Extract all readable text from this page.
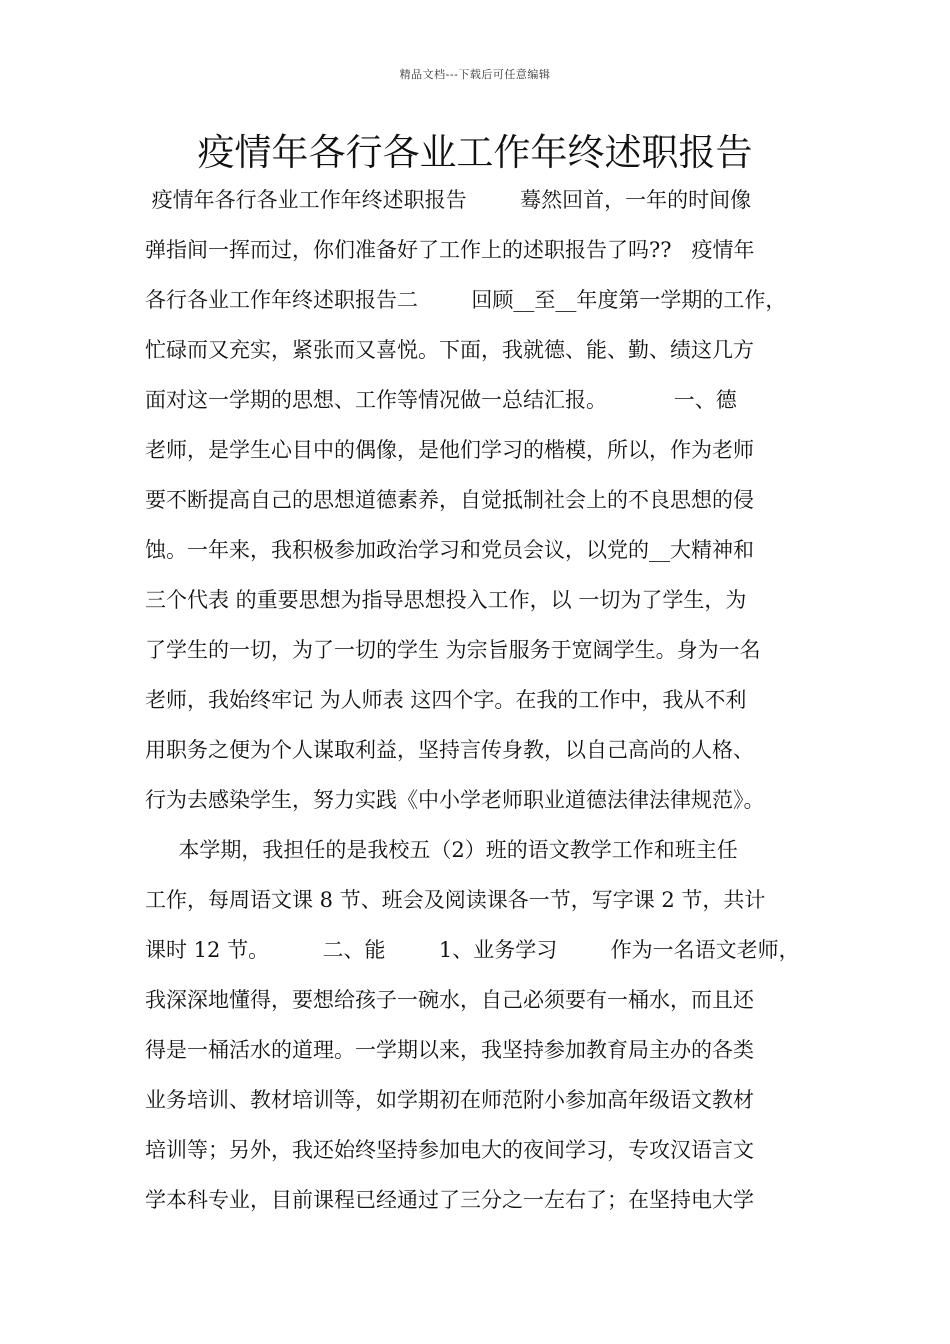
精品文档---下载后可任意编辑
疫情年各行各业工作年终述职报告
疫情年各行各业工作年终述职报告        蓦然回首，一年的时间像
弹指间一挥而过，你们准备好了工作上的述职报告了吗??   疫情年
各行各业工作年终述职报告二        回顾__至__年度第一学期的工作，
忙碌而又充实，紧张而又喜悦。下面，我就德、能、勤、绩这几方
面对这一学期的思想、工作等情况做一总结汇报。          一、德
老师，是学生心目中的偶像，是他们学习的楷模，所以，作为老师
要不断提高自己的思想道德素养，自觉抵制社会上的不良思想的侵
蚀。一年来，我积极参加政治学习和党员会议，以党的__大精神和
三个代表 的重要思想为指导思想投入工作，以 一切为了学生，为
了学生的一切，为了一切的学生 为宗旨服务于宽阔学生。身为一名
老师，我始终牢记 为人师表 这四个字。在我的工作中，我从不利
用职务之便为个人谋取利益，坚持言传身教，以自己高尚的人格、
行为去感染学生，努力实践《中小学老师职业道德法律法律规范》。
本学期，我担任的是我校五（2）班的语文教学工作和班主任
工作，每周语文课 8 节、班会及阅读课各一节，写字课 2 节，共计
课时 12 节。        二、能        1、业务学习        作为一名语文老师，
我深深地懂得，要想给孩子一碗水，自己必须要有一桶水，而且还
得是一桶活水的道理。一学期以来，我坚持参加教育局主办的各类
业务培训、教材培训等，如学期初在师范附小参加高年级语文教材
培训等；另外，我还始终坚持参加电大的夜间学习，专攻汉语言文
学本科专业，目前课程已经通过了三分之一左右了；在坚持电大学
